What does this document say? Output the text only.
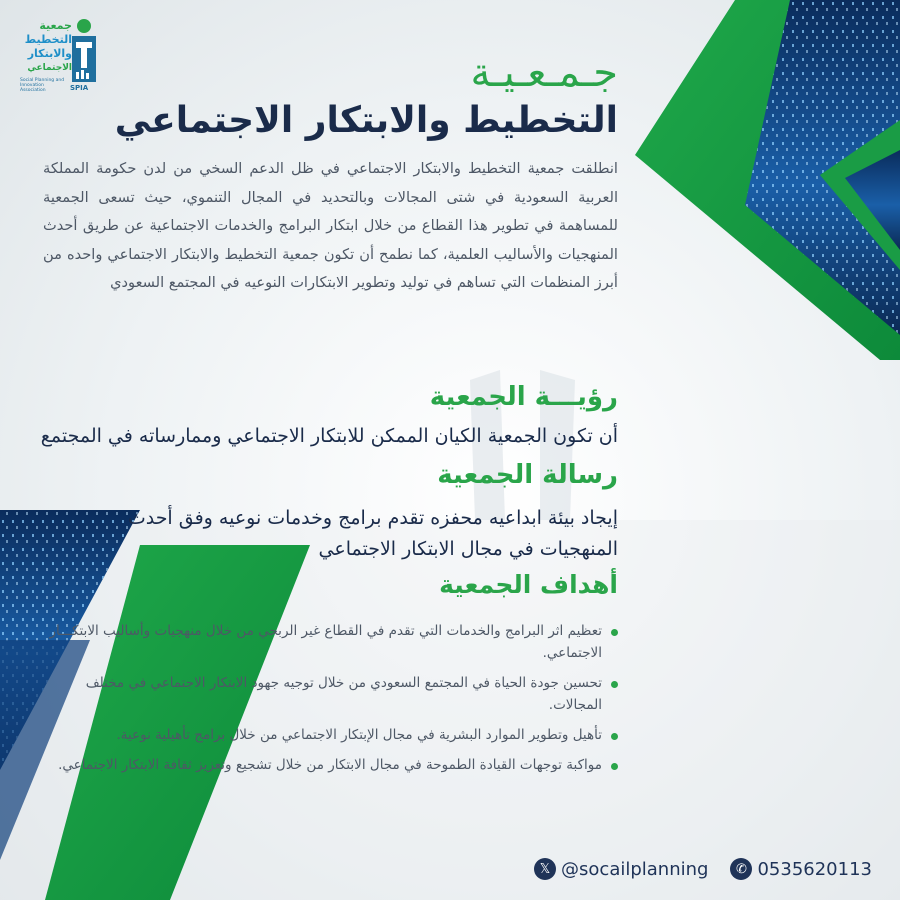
جمعية
التخطيط
والابتكار
الاجتماعي
Social Planning and Innovation Association	SPIA	جـمـعـيـة
التخطيط والابتكار الاجتماعي
انطلقت جمعية التخطيط والابتكار الاجتماعي في ظل الدعم السخي من لدن حكومة المملكة العربية السعودية في شتى المجالات وبالتحديد في المجال التنموي، حيث تسعى الجمعية للمساهمة في تطوير هذا القطاع من خلال ابتكار البرامج والخدمات الاجتماعية عن طريق أحدث المنهجيات والأساليب العلمية، كما نطمح أن تكون جمعية التخطيط والابتكار الاجتماعي واحده من أبرز المنظمات التي تساهم في توليد وتطوير الابتكارات النوعيه في المجتمع السعودي
رؤيـــة الجمعية
أن تكون الجمعية الكيان الممكن للابتكار الاجتماعي وممارساته في المجتمع
رسالة الجمعية
إيجاد بيئة ابداعيه محفزه تقدم برامج وخدمات نوعيه وفق أحدث المنهجيات في مجال الابتكار الاجتماعي
أهداف الجمعية
تعظيم اثر البرامج والخدمات التي تقدم في القطاع غير الربحي من خلال منهجيات وأساليب الابتكـــار الاجتماعي.
تحسين جودة الحياة في المجتمع السعودي من خلال توجيه جهود الابتكار الاجتماعي في مختلف المجالات.
تأهيل وتطوير الموارد البشرية في مجال الإبتكار الاجتماعي من خلال برامج تأهيلية نوعية.
مواكبة توجهات القيادة الطموحة في مجال الابتكار من خلال تشجيع وتعزيز ثقافة الابتكار الاجتماعي.
𝕏 @socailplanning	✆ 0535620113
